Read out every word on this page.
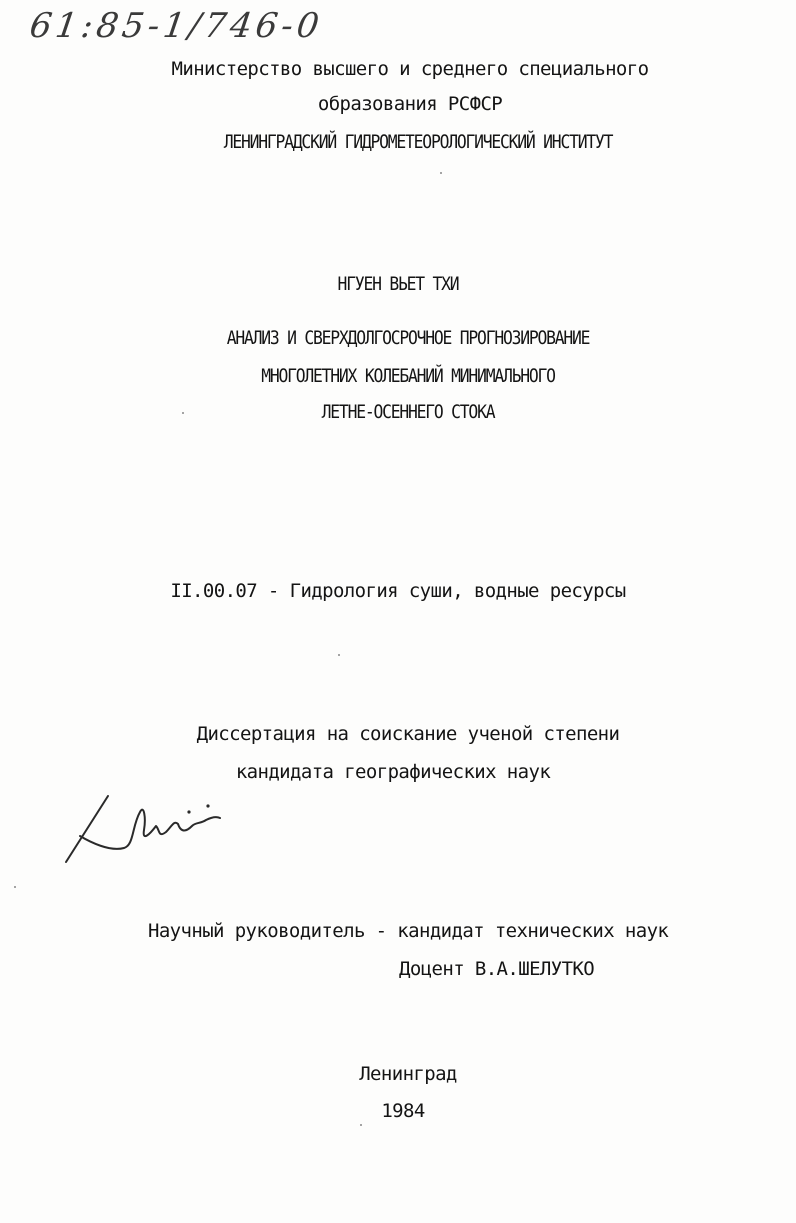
61:85-1/746-0
Министерство высшего и среднего специального
образования РСФСР
ЛЕНИНГРАДСКИЙ ГИДРОМЕТЕОРОЛОГИЧЕСКИЙ ИНСТИТУТ
НГУЕН ВЬЕТ ТХИ
АНАЛИЗ И СВЕРХДОЛГОСРОЧНОЕ ПРОГНОЗИРОВАНИЕ
МНОГОЛЕТНИХ КОЛЕБАНИЙ МИНИМАЛЬНОГО
ЛЕТНЕ-ОСЕННЕГО СТОКА
II.00.07 - Гидрология суши, водные ресурсы
Диссертация на соискание ученой степени
кандидата географических наук
Научный руководитель - кандидат технических наук
Доцент В.А.ШЕЛУТКО
Ленинград
1984
